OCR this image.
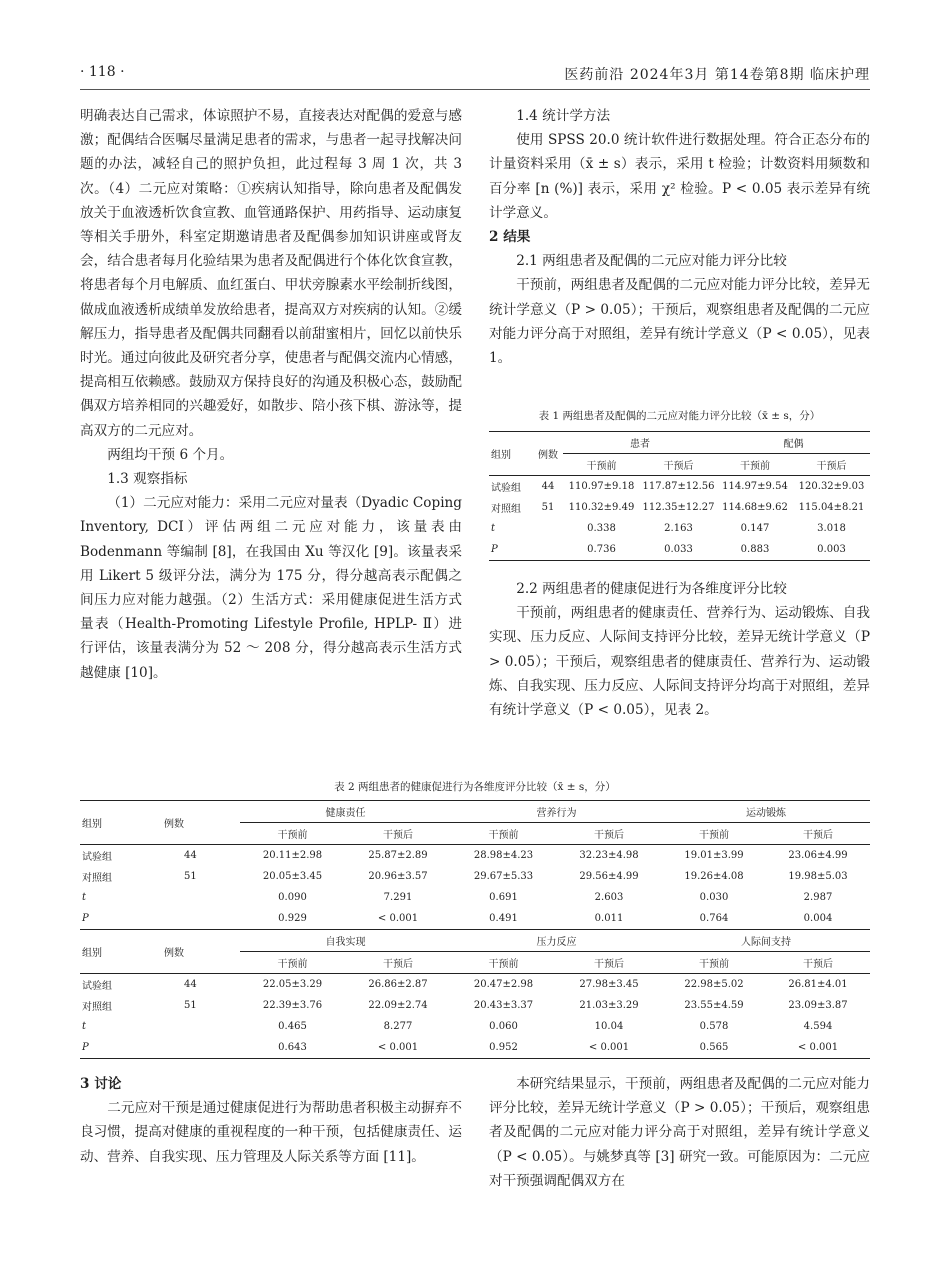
· 118 ·	医药前沿 2024年3月 第14卷第8期 临床护理

明确表达自己需求，体谅照护不易，直接表达对配偶的爱意与感激；配偶结合医嘱尽量满足患者的需求，与患者一起寻找解决问题的办法，减轻自己的照护负担，此过程每 3 周 1 次，共 3 次。（4）二元应对策略：①疾病认知指导，除向患者及配偶发放关于血液透析饮食宣教、血管通路保护、用药指导、运动康复等相关手册外，科室定期邀请患者及配偶参加知识讲座或肾友会，结合患者每月化验结果为患者及配偶进行个体化饮食宣教，将患者每个月电解质、血红蛋白、甲状旁腺素水平绘制折线图，做成血液透析成绩单发放给患者，提高双方对疾病的认知。②缓解压力，指导患者及配偶共同翻看以前甜蜜相片，回忆以前快乐时光。通过向彼此及研究者分享，使患者与配偶交流内心情感，提高相互依赖感。鼓励双方保持良好的沟通及积极心态，鼓励配偶双方培养相同的兴趣爱好，如散步、陪小孩下棋、游泳等，提高双方的二元应对。

两组均干预 6 个月。

1.3 观察指标

（1）二元应对能力：采用二元应对量表（Dyadic Coping Inventory, DCI）评估两组二元应对能力，该量表由 Bodenmann 等编制 [8]，在我国由 Xu 等汉化 [9]。该量表采用 Likert 5 级评分法，满分为 175 分，得分越高表示配偶之间压力应对能力越强。（2）生活方式：采用健康促进生活方式量表（Health-Promoting Lifestyle Profile, HPLP- Ⅱ）进行评估，该量表满分为 52 ～ 208 分，得分越高表示生活方式越健康 [10]。

1.4 统计学方法

使用 SPSS 20.0 统计软件进行数据处理。符合正态分布的计量资料采用（x̄ ± s）表示，采用 t 检验；计数资料用频数和百分率 [n (%)] 表示，采用 χ² 检验。P < 0.05 表示差异有统计学意义。

2 结果

2.1 两组患者及配偶的二元应对能力评分比较

干预前，两组患者及配偶的二元应对能力评分比较，差异无统计学意义（P > 0.05）；干预后，观察组患者及配偶的二元应对能力评分高于对照组，差异有统计学意义（P < 0.05），见表 1。

表 1 两组患者及配偶的二元应对能力评分比较（x̄ ± s，分）
组别	例数	患者		配偶	
		干预前	干预后	干预前	干预后
试验组	44	110.97±9.18	117.87±12.56	114.97±9.54	120.32±9.03
对照组	51	110.32±9.49	112.35±12.27	114.68±9.62	115.04±8.21
t		0.338	2.163	0.147	3.018
P		0.736	0.033	0.883	0.003

2.2 两组患者的健康促进行为各维度评分比较

干预前，两组患者的健康责任、营养行为、运动锻炼、自我实现、压力反应、人际间支持评分比较，差异无统计学意义（P > 0.05）；干预后，观察组患者的健康责任、营养行为、运动锻炼、自我实现、压力反应、人际间支持评分均高于对照组，差异有统计学意义（P < 0.05），见表 2。

表 2 两组患者的健康促进行为各维度评分比较（x̄ ± s，分）
组别	例数	健康责任		营养行为		运动锻炼	
		干预前	干预后	干预前	干预后	干预前	干预后
试验组	44	20.11±2.98	25.87±2.89	28.98±4.23	32.23±4.98	19.01±3.99	23.06±4.99
对照组	51	20.05±3.45	20.96±3.57	29.67±5.33	29.56±4.99	19.26±4.08	19.98±5.03
t		0.090	7.291	0.691	2.603	0.030	2.987
P		0.929	< 0.001	0.491	0.011	0.764	0.004
组别	例数	自我实现		压力反应		人际间支持	
		干预前	干预后	干预前	干预后	干预前	干预后
试验组	44	22.05±3.29	26.86±2.87	20.47±2.98	27.98±3.45	22.98±5.02	26.81±4.01
对照组	51	22.39±3.76	22.09±2.74	20.43±3.37	21.03±3.29	23.55±4.59	23.09±3.87
t		0.465	8.277	0.060	10.04	0.578	4.594
P		0.643	< 0.001	0.952	< 0.001	0.565	< 0.001

3 讨论

二元应对干预是通过健康促进行为帮助患者积极主动摒弃不良习惯，提高对健康的重视程度的一种干预，包括健康责任、运动、营养、自我实现、压力管理及人际关系等方面 [11]。

本研究结果显示，干预前，两组患者及配偶的二元应对能力评分比较，差异无统计学意义（P > 0.05）；干预后，观察组患者及配偶的二元应对能力评分高于对照组，差异有统计学意义（P < 0.05）。与姚梦真等 [3] 研究一致。可能原因为：二元应对干预强调配偶双方在
